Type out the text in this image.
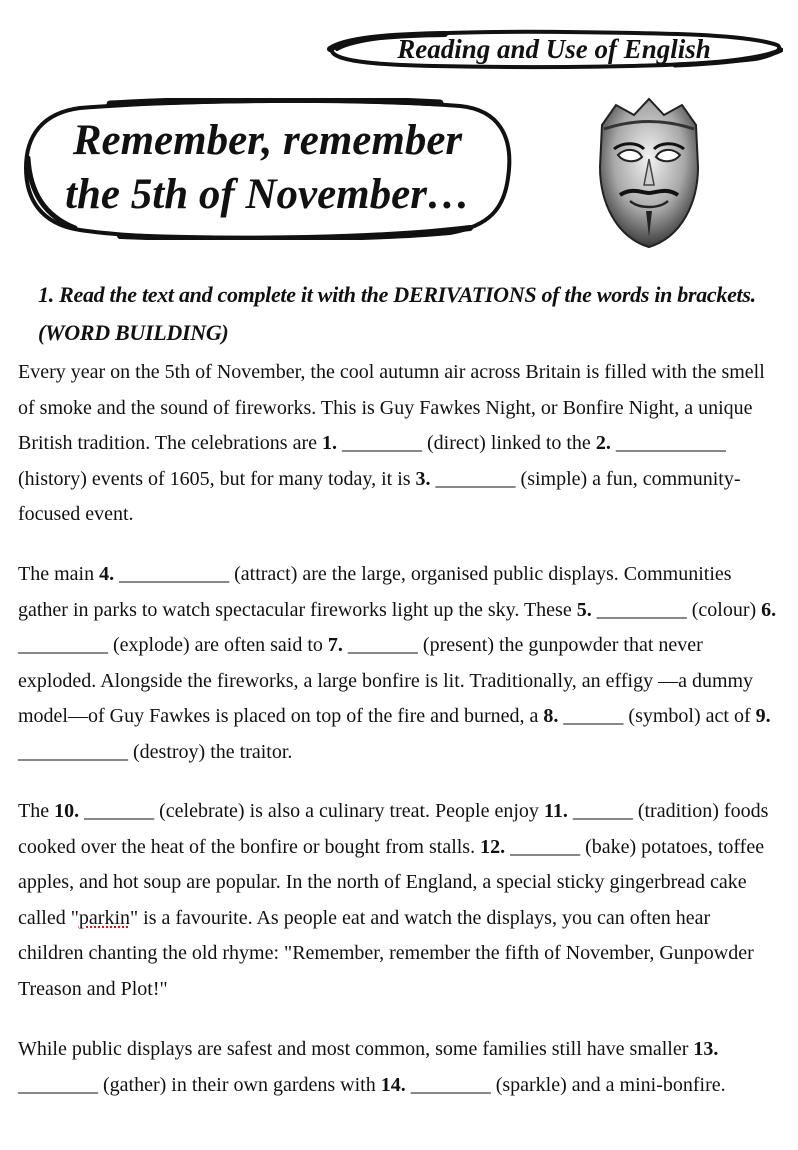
Reading and Use of English
Remember, remember
the 5th of November…
1. Read the text and complete it with the DERIVATIONS of the words in brackets. (WORD BUILDING)
Every year on the 5th of November, the cool autumn air across Britain is filled with the smell of smoke and the sound of fireworks. This is Guy Fawkes Night, or Bonfire Night, a unique British tradition. The celebrations are 1. ________ (direct) linked to the 2. ___________ (history) events of 1605, but for many today, it is 3. ________ (simple) a fun, community-focused event.
The main 4. ___________ (attract) are the large, organised public displays. Communities gather in parks to watch spectacular fireworks light up the sky. These 5. _________ (colour) 6. _________ (explode) are often said to 7. _______ (present) the gunpowder that never exploded. Alongside the fireworks, a large bonfire is lit. Traditionally, an effigy —a dummy model—of Guy Fawkes is placed on top of the fire and burned, a 8. ______ (symbol) act of 9. ___________ (destroy) the traitor.
The 10. _______ (celebrate) is also a culinary treat. People enjoy 11. ______ (tradition) foods cooked over the heat of the bonfire or bought from stalls. 12. _______ (bake) potatoes, toffee apples, and hot soup are popular. In the north of England, a special sticky gingerbread cake called "parkin" is a favourite. As people eat and watch the displays, you can often hear children chanting the old rhyme: "Remember, remember the fifth of November, Gunpowder Treason and Plot!"
While public displays are safest and most common, some families still have smaller 13. ________ (gather) in their own gardens with 14. ________ (sparkle) and a mini-bonfire.
